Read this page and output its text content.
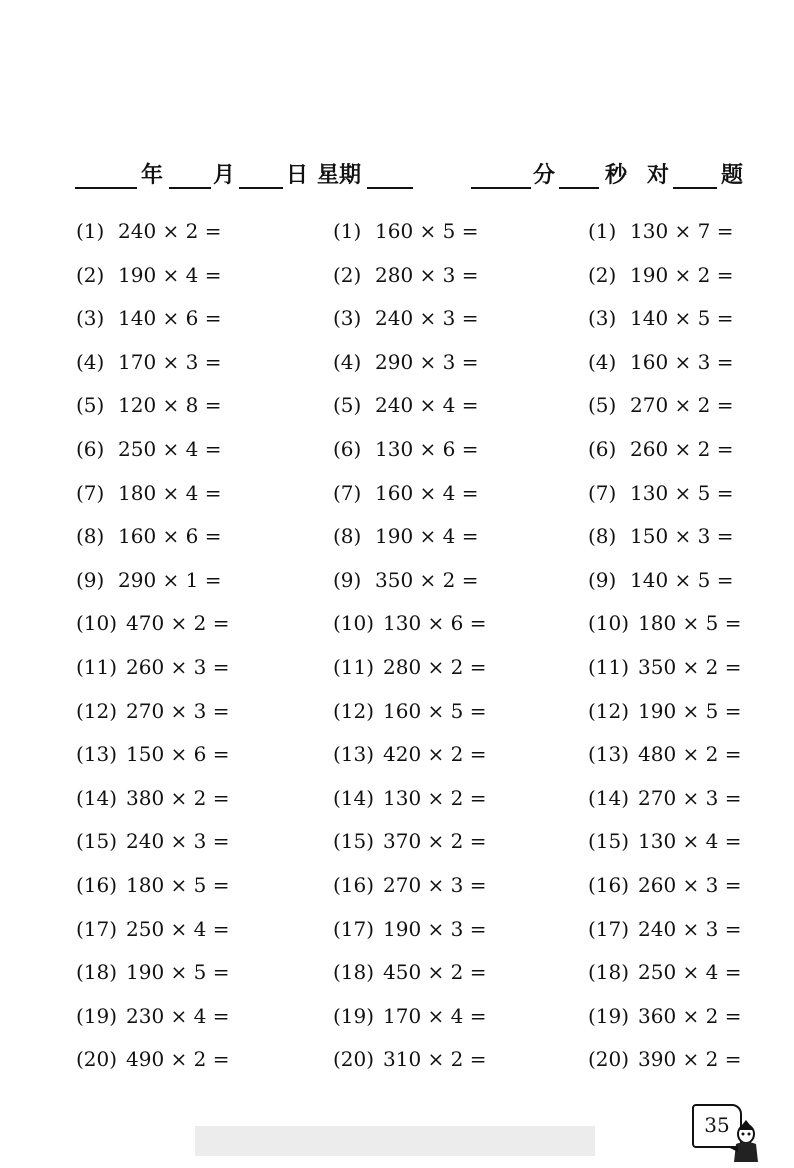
年 月 日 星期	分 秒 对 题
(1) 240 × 2 =
(2) 190 × 4 =
(3) 140 × 6 =
(4) 170 × 3 =
(5) 120 × 8 =
(6) 250 × 4 =
(7) 180 × 4 =
(8) 160 × 6 =
(9) 290 × 1 =
(10) 470 × 2 =
(11) 260 × 3 =
(12) 270 × 3 =
(13) 150 × 6 =
(14) 380 × 2 =
(15) 240 × 3 =
(16) 180 × 5 =
(17) 250 × 4 =
(18) 190 × 5 =
(19) 230 × 4 =
(20) 490 × 2 =
(1) 160 × 5 =
(2) 280 × 3 =
(3) 240 × 3 =
(4) 290 × 3 =
(5) 240 × 4 =
(6) 130 × 6 =
(7) 160 × 4 =
(8) 190 × 4 =
(9) 350 × 2 =
(10) 130 × 6 =
(11) 280 × 2 =
(12) 160 × 5 =
(13) 420 × 2 =
(14) 130 × 2 =
(15) 370 × 2 =
(16) 270 × 3 =
(17) 190 × 3 =
(18) 450 × 2 =
(19) 170 × 4 =
(20) 310 × 2 =
(1) 130 × 7 =
(2) 190 × 2 =
(3) 140 × 5 =
(4) 160 × 3 =
(5) 270 × 2 =
(6) 260 × 2 =
(7) 130 × 5 =
(8) 150 × 3 =
(9) 140 × 5 =
(10) 180 × 5 =
(11) 350 × 2 =
(12) 190 × 5 =
(13) 480 × 2 =
(14) 270 × 3 =
(15) 130 × 4 =
(16) 260 × 3 =
(17) 240 × 3 =
(18) 250 × 4 =
(19) 360 × 2 =
(20) 390 × 2 =
35
